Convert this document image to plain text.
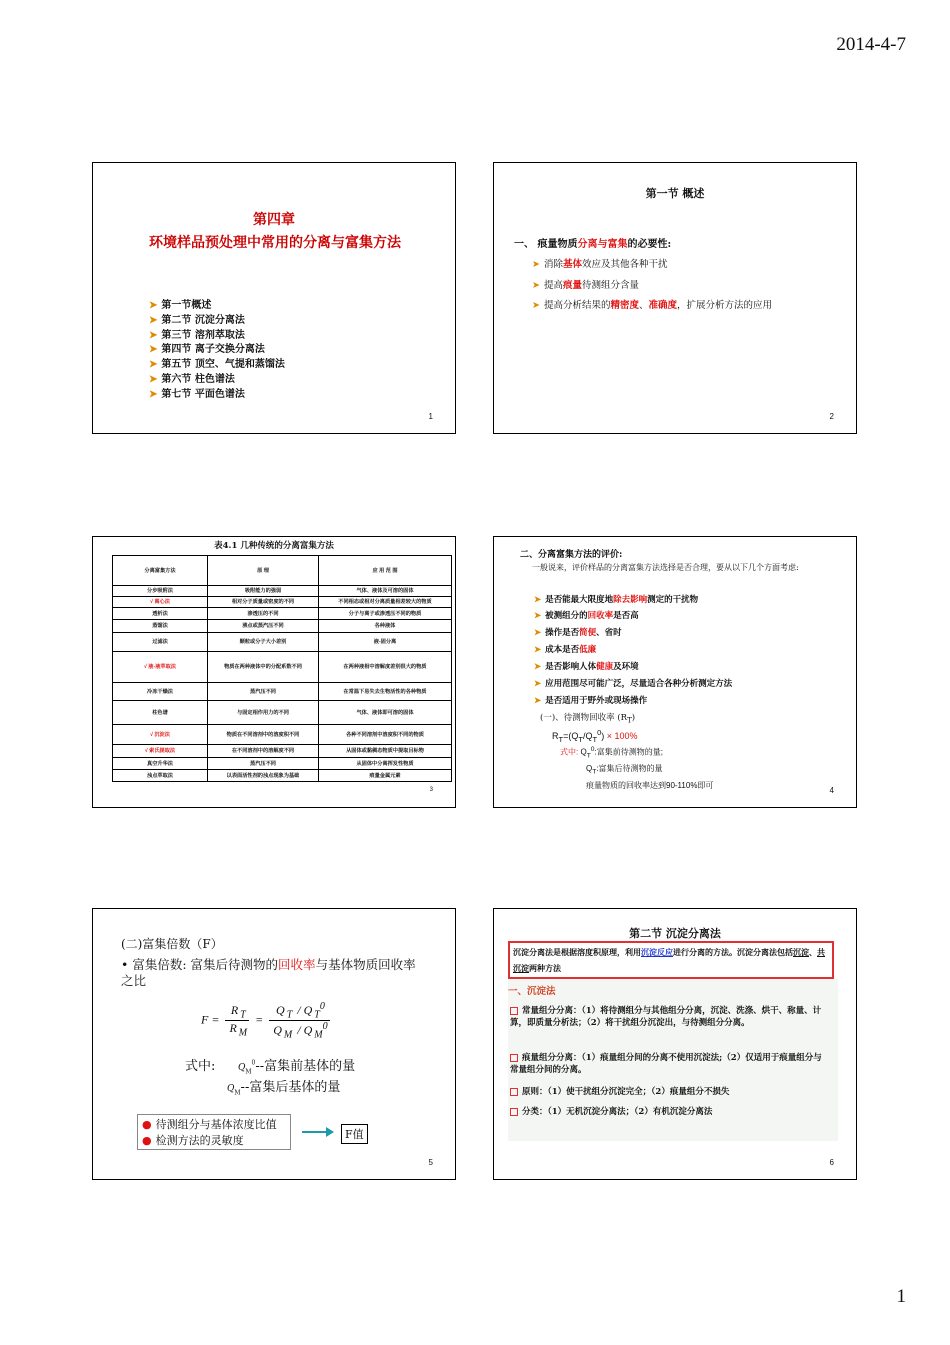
2014-4-7
第四章
环境样品预处理中常用的分离与富集方法
➤ 第一节概述
➤ 第二节 沉淀分离法
➤ 第三节 溶剂萃取法
➤ 第四节 离子交换分离法
➤ 第五节 顶空、气提和蒸馏法
➤ 第六节 柱色谱法
➤ 第七节 平面色谱法
1
第一节 概述
一、 痕量物质分离与富集的必要性:
➤ 消除基体效应及其他各种干扰
➤ 提高痕量待测组分含量
➤ 提高分析结果的精密度、准确度，扩展分析方法的应用
2
表4.1 几种传统的分离富集方法
分离富集方法	原 理	应 用 范 围
分步吸附法	吸附能力的强弱	气体、液体及可溶的固体
√ 离心法	相对分子质量或密度的不同	不同相态或相对分离质量相差较大的物质
透析法	渗透压的不同	分子与离子或渗透压不同的物质
蒸馏法	沸点或蒸汽压不同	各种液体
过滤法	颗粒或分子大小差别	液-固分离
√ 液-液萃取法	物质在两种液体中的分配系数不同	在两种液相中溶解度差别很大的物质
冷冻干燥法	蒸汽压不同	在常温下易失去生物活性的各种物质
柱色谱	与固定相作用力的不同	气体、液体即可溶的固体
√ 沉淀法	物质在不同溶剂中的溶度积不同	各种不同溶剂中溶度积不同的物质
√ 索氏提取法	在不同溶剂中的溶解度不同	从固体或黏稠态物质中提取目标物
真空升华法	蒸汽压不同	从固体中分离挥发性物质
浊点萃取法	以表面活性剂的浊点现象为基础	痕量金属元素
3
二、分离富集方法的评价:
一般说来，评价样品的分离富集方法选择是否合理，要从以下几个方面考虑:
➤ 是否能最大限度地除去影响测定的干扰物
➤ 被测组分的回收率是否高
➤ 操作是否简便、省时
➤ 成本是否低廉
➤ 是否影响人体健康及环境
➤ 应用范围尽可能广泛，尽量适合各种分析测定方法
➤ 是否适用于野外或现场操作
(一)、待测物回收率 $(R_T)$
$R_T=(Q_T/Q_T^0) \times 100\%$
式中: $Q_T^0$:富集前待测物的量;
$Q_T$:富集后待测物的量
痕量物质的回收率达到90-110%即可
4
(二)富集倍数（F）
• 富集倍数: 富集后待测物的回收率与基体物质回收率之比
$F = \frac{R _T}{R _M} = \frac{Q _T / Q _T^0}{Q _M / Q _M^0}$
式中:	$Q_M^0--$富集前基体的量
$Q_M--$富集后基体的量
● 待测组分与基体浓度比值
● 检测方法的灵敏度	F值
5
第二节 沉淀分离法
沉淀分离法是根据溶度积原理，利用沉淀反应进行分离的方法。沉淀分离法包括沉淀、共沉淀两种方法
一、沉淀法
常量组分分离：（1）将待测组分与其他组分分离，沉淀、洗涤、烘干、称量、计算，即质量分析法；（2）将干扰组分沉淀出，与待测组分分离。
痕量组分分离：（1）痕量组分间的分离不使用沉淀法;（2）仅适用于痕量组分与常量组分间的分离。
原则：（1）使干扰组分沉淀完全；（2）痕量组分不损失
分类：（1）无机沉淀分离法；（2）有机沉淀分离法
6
1
